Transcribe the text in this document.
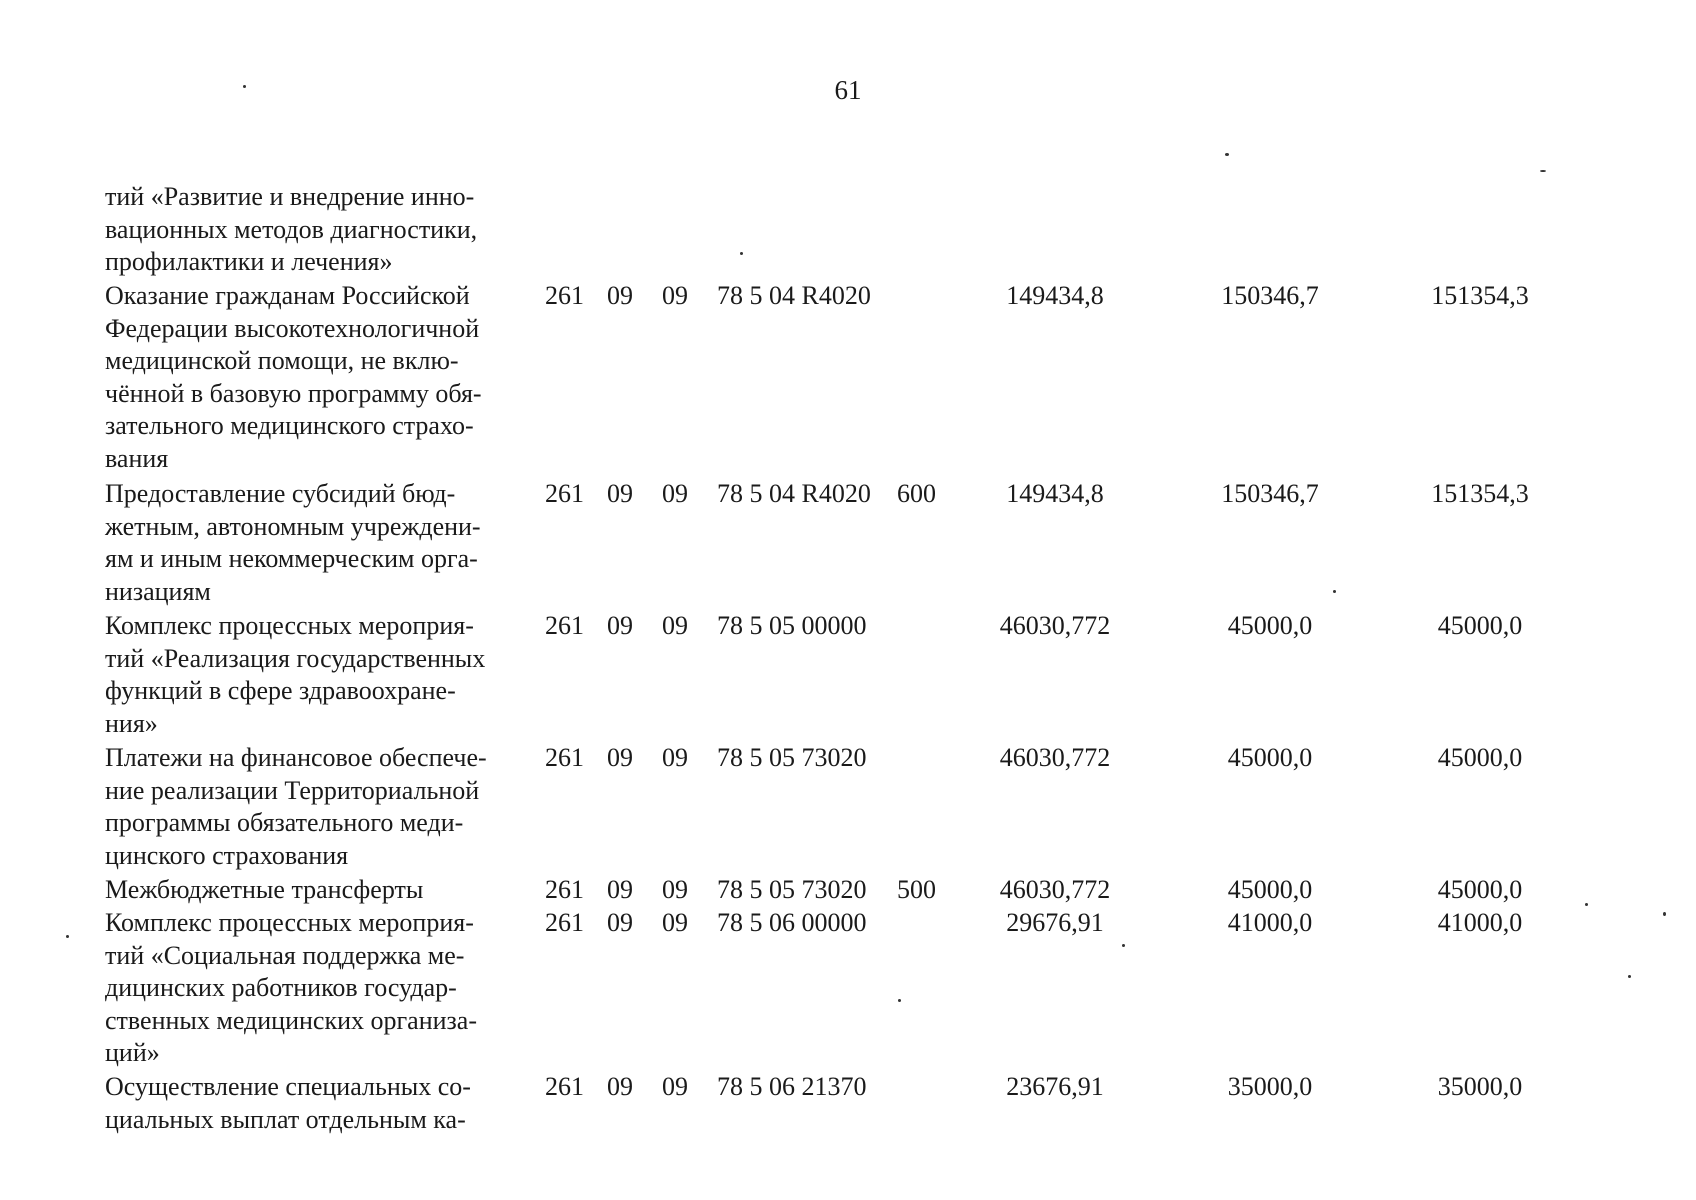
61
тий «Развитие и внедрение инно-
вационных методов диагностики,
профилактики и лечения»
Оказание гражданам Российской
Федерации высокотехнологичной
медицинской помощи, не вклю-
чённой в базовую программу обя-
зательного медицинского страхо-
вания
261 09 09 78 5 04 R4020	149434,8	150346,7	151354,3
Предоставление субсидий бюд-
жетным, автономным учреждени-
ям и иным некоммерческим орга-
низациям
261 09 09 78 5 04 R4020 600	149434,8	150346,7	151354,3
Комплекс процессных мероприя-
тий «Реализация государственных
функций в сфере здравоохране-
ния»
261 09 09 78 5 05 00000	46030,772	45000,0	45000,0
Платежи на финансовое обеспече-
ние реализации Территориальной
программы обязательного меди-
цинского страхования
261 09 09 78 5 05 73020	46030,772	45000,0	45000,0
Межбюджетные трансферты	261 09 09 78 5 05 73020 500 46030,772	45000,0	45000,0
Комплекс процессных мероприя-
тий «Социальная поддержка ме-
дицинских работников государ-
ственных медицинских организа-
ций»
261 09 09 78 5 06 00000	29676,91	41000,0	41000,0
Осуществление специальных со-
циальных выплат отдельным ка-
261 09 09 78 5 06 21370	23676,91	35000,0	35000,0
